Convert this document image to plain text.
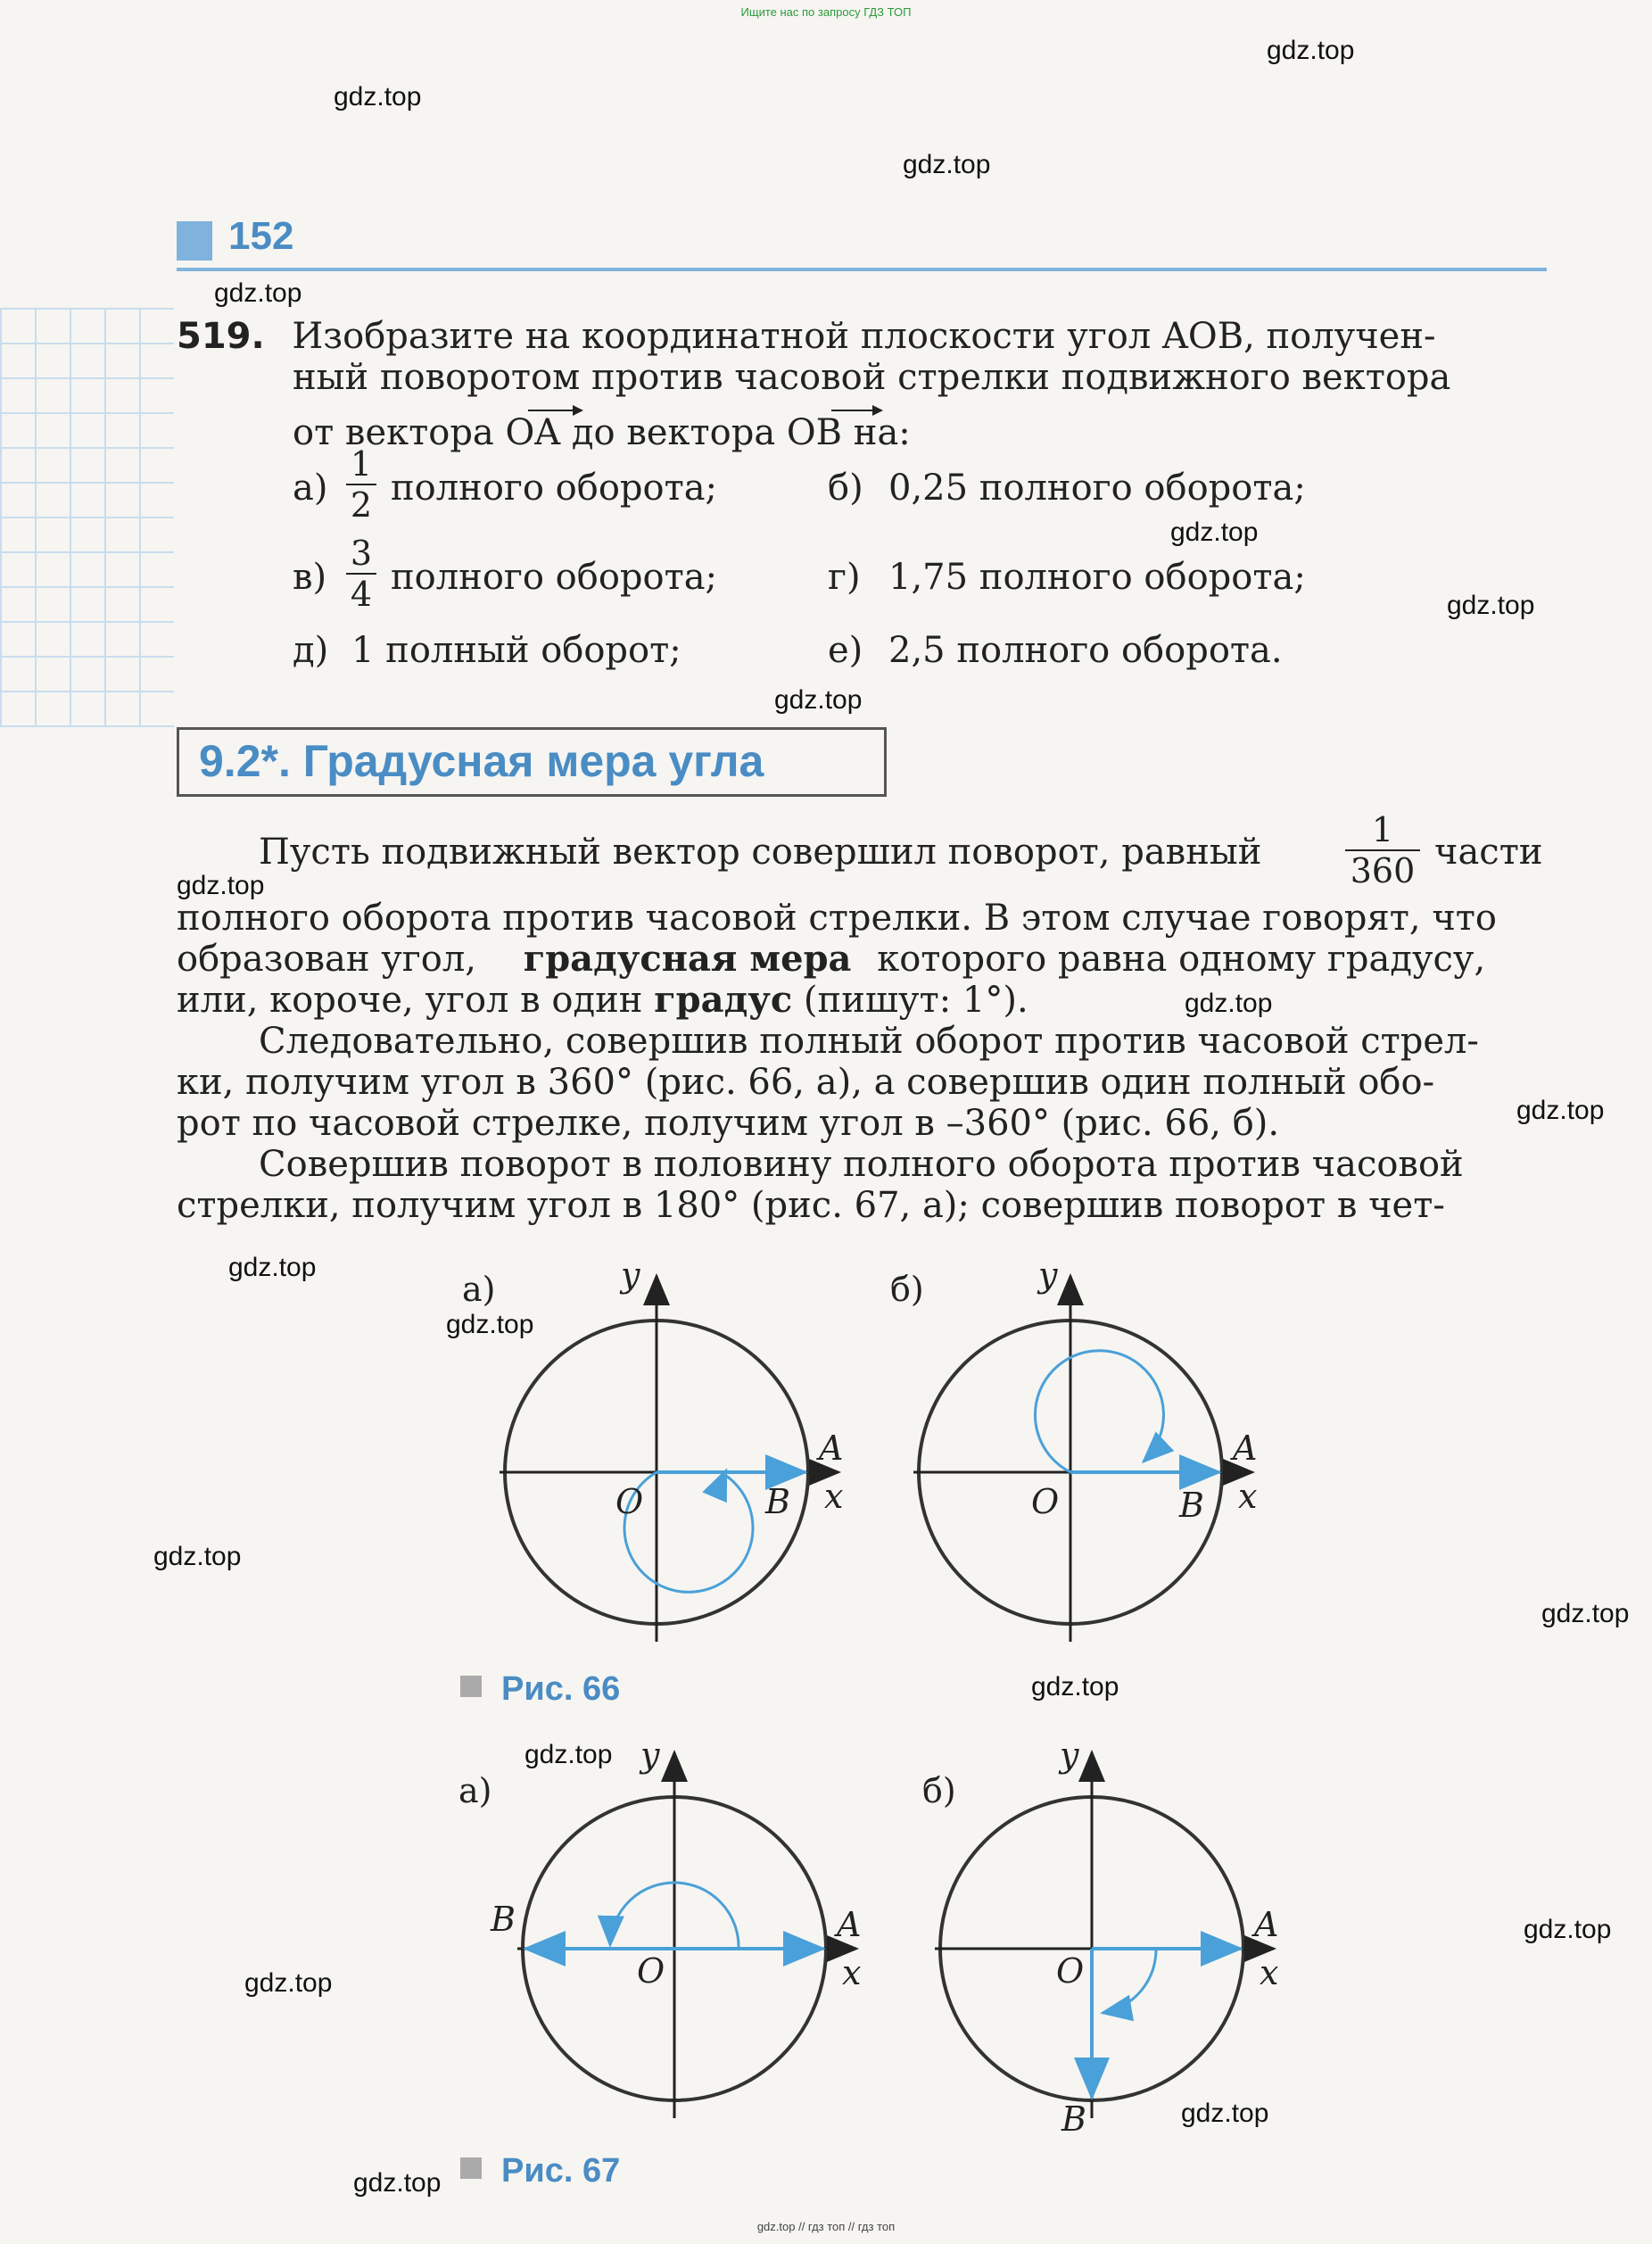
Ищите нас по запросу ГДЗ ТОП
gdz.top
gdz.top
gdz.top
gdz.top
gdz.top
gdz.top
gdz.top
gdz.top
gdz.top
gdz.top
gdz.top
gdz.top
gdz.top
gdz.top
gdz.top
gdz.top
gdz.top
gdz.top
gdz.top
gdz.top
152
519. Изобразите на координатной плоскости угол AOB, получен-
ный поворотом против часовой стрелки подвижного вектора
от вектора OA до вектора OB на:
а)
1
2 полного оборота;	б) 0,25 полного оборота;
в)
3
4 полного оборота;	г) 1,75 полного оборота;
д) 1 полный оборот;	е) 2,5 полного оборота.
9.2*. Градусная мера угла
Пусть подвижный вектор совершил поворот, равный
1
360 части
полного оборота против часовой стрелки. В этом случае говорят, что
образован угол, градусная мера которого равна одному градусу,
или, короче, угол в один градус (пишут: 1°).
Следовательно, совершив полный оборот против часовой стрел-
ки, получим угол в 360° (рис. 66, а), а совершив один полный обо-
рот по часовой стрелке, получим угол в –360° (рис. 66, б).
Совершив поворот в половину полного оборота против часовой
стрелки, получим угол в 180° (рис. 67, а); совершив поворот в чет-
а)
O	B
A
x
y	б)
O	B
A
x
y
Рис. 66
а)
O
B	A
x
y
б)
O
B
A
x
y
Рис. 67
gdz.top // гдз топ // гдз топ
